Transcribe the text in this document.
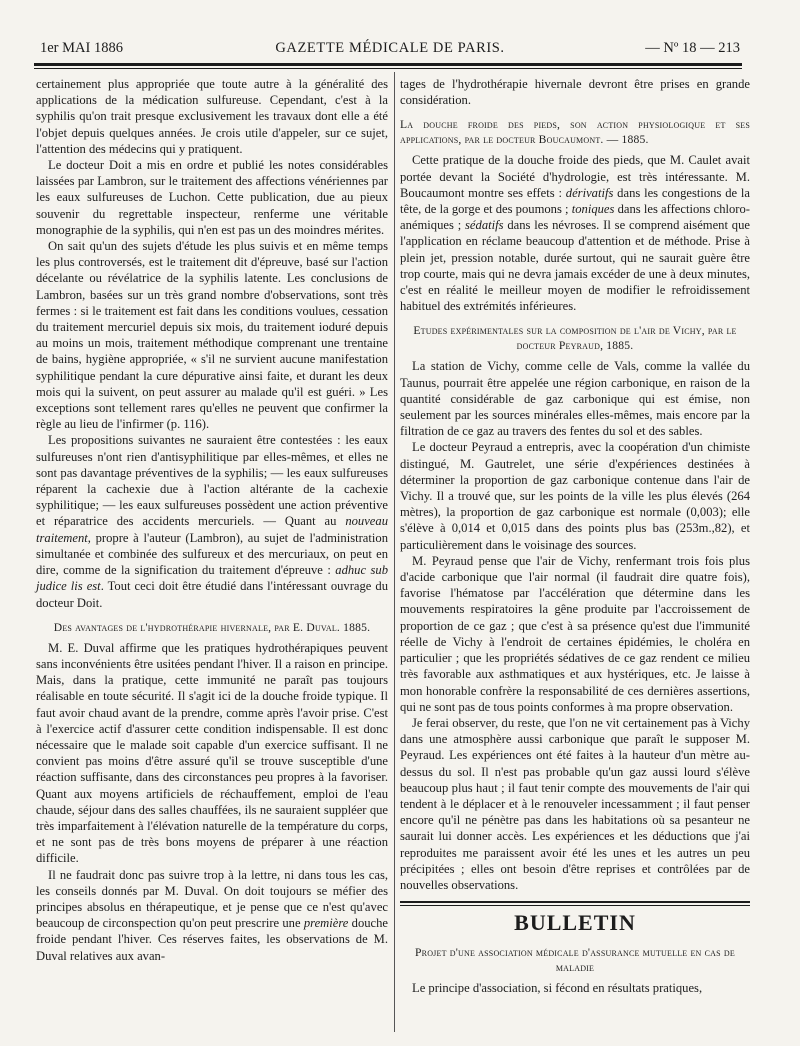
1er MAI 1886	GAZETTE MÉDICALE DE PARIS.	— Nº 18 — 213

certainement plus appropriée que toute autre à la généralité des applications de la médication sulfureuse. Cependant, c'est à la syphilis qu'on trait presque exclusivement les travaux dont elle a été l'objet depuis quelques années. Je crois utile d'appeler, sur ce sujet, l'attention des médecins qui y pratiquent.

Le docteur Doit a mis en ordre et publié les notes considérables laissées par Lambron, sur le traitement des affections vénériennes par les eaux sulfureuses de Luchon. Cette publication, due au pieux souvenir du regrettable inspecteur, renferme une véritable monographie de la syphilis, qui n'en est pas un des moindres mérites.

On sait qu'un des sujets d'étude les plus suivis et en même temps les plus controversés, est le traitement dit d'épreuve, basé sur l'action décelante ou révélatrice de la syphilis latente. Les conclusions de Lambron, basées sur un très grand nombre d'observations, sont très fermes : si le traitement est fait dans les conditions voulues, cessation du traitement mercuriel depuis six mois, du traitement ioduré depuis au moins un mois, traitement méthodique comprenant une trentaine de bains, hygiène appropriée, « s'il ne survient aucune manifestation syphilitique pendant la cure dépurative ainsi faite, et durant les deux mois qui la suivent, on peut assurer au malade qu'il est guéri. » Les exceptions sont tellement rares qu'elles ne peuvent que confirmer la règle au lieu de l'infirmer (p. 116).

Les propositions suivantes ne sauraient être contestées : les eaux sulfureuses n'ont rien d'antisyphilitique par elles-mêmes, et elles ne sont pas davantage préventives de la syphilis; — les eaux sulfureuses réparent la cachexie due à l'action altérante de la cachexie syphilitique; — les eaux sulfureuses possèdent une action préventive et réparatrice des accidents mercuriels. — Quant au nouveau traitement, propre à l'auteur (Lambron), au sujet de l'administration simultanée et combinée des sulfureux et des mercuriaux, on peut en dire, comme de la signification du traitement d'épreuve : adhuc sub judice lis est. Tout ceci doit être étudié dans l'intéressant ouvrage du docteur Doit.

Des avantages de l'hydrothérapie hivernale, par E. Duval. 1885.

M. E. Duval affirme que les pratiques hydrothérapiques peuvent sans inconvénients être usitées pendant l'hiver. Il a raison en principe. Mais, dans la pratique, cette immunité ne paraît pas toujours réalisable en toute sécurité. Il s'agit ici de la douche froide typique. Il faut avoir chaud avant de la prendre, comme après l'avoir prise. C'est à l'exercice actif d'assurer cette condition indispensable. Il est donc nécessaire que le malade soit capable d'un exercice suffisant. Il ne convient pas moins d'être assuré qu'il se trouve susceptible d'une réaction suffisante, dans des circonstances peu propres à la favoriser. Quant aux moyens artificiels de réchauffement, emploi de l'eau chaude, séjour dans des salles chauffées, ils ne sauraient suppléer que très imparfaitement à l'élévation naturelle de la température du corps, et ne sont pas de très bons moyens de préparer à une réaction difficile.

Il ne faudrait donc pas suivre trop à la lettre, ni dans tous les cas, les conseils donnés par M. Duval. On doit toujours se méfier des principes absolus en thérapeutique, et je pense que ce n'est qu'avec beaucoup de circonspection qu'on peut prescrire une première douche froide pendant l'hiver. Ces réserves faites, les observations de M. Duval relatives aux avan-

tages de l'hydrothérapie hivernale devront être prises en grande considération.

La douche froide des pieds, son action physiologique et ses applications, par le docteur Boucaumont. — 1885.

Cette pratique de la douche froide des pieds, que M. Caulet avait portée devant la Société d'hydrologie, est très intéressante. M. Boucaumont montre ses effets : dérivatifs dans les congestions de la tête, de la gorge et des poumons ; toniques dans les affections chloro-anémiques ; sédatifs dans les névroses. Il se comprend aisément que l'application en réclame beaucoup d'attention et de méthode. Prise à plein jet, pression notable, durée surtout, qui ne saurait guère être trop courte, mais qui ne devra jamais excéder de une à deux minutes, c'est en réalité le meilleur moyen de modifier le refroidissement habituel des extrémités inférieures.

Etudes expérimentales sur la composition de l'air de Vichy, par le docteur Peyraud, 1885.

La station de Vichy, comme celle de Vals, comme la vallée du Taunus, pourrait être appelée une région carbonique, en raison de la quantité considérable de gaz carbonique qui est émise, non seulement par les sources minérales elles-mêmes, mais encore par la filtration de ce gaz au travers des fentes du sol et des sables.

Le docteur Peyraud a entrepris, avec la coopération d'un chimiste distingué, M. Gautrelet, une série d'expériences destinées à déterminer la proportion de gaz carbonique contenue dans l'air de Vichy. Il a trouvé que, sur les points de la ville les plus élevés (264 mètres), la proportion de gaz carbonique est normale (0,003); elle s'élève à 0,014 et 0,015 dans des points plus bas (253m.,82), et particulièrement dans le voisinage des sources.

M. Peyraud pense que l'air de Vichy, renfermant trois fois plus d'acide carbonique que l'air normal (il faudrait dire quatre fois), favorise l'hématose par l'accélération que détermine dans les mouvements respiratoires la gêne produite par l'accroissement de proportion de ce gaz ; que c'est à sa présence qu'est due l'immunité réelle de Vichy à l'endroit de certaines épidémies, le choléra en particulier ; que les propriétés sédatives de ce gaz rendent ce milieu très favorable aux asthmatiques et aux hystériques, etc. Je laisse à mon honorable confrère la responsabilité de ces dernières assertions, qui ne sont pas de tous points conformes à ma propre observation.

Je ferai observer, du reste, que l'on ne vit certainement pas à Vichy dans une atmosphère aussi carbonique que paraît le supposer M. Peyraud. Les expériences ont été faites à la hauteur d'un mètre au-dessus du sol. Il n'est pas probable qu'un gaz aussi lourd s'élève beaucoup plus haut ; il faut tenir compte des mouvements de l'air qui tendent à le déplacer et à le renouveler incessamment ; il faut penser encore qu'il ne pénètre pas dans les habitations où sa pesanteur ne saurait lui donner accès. Les expériences et les déductions que j'ai reproduites me paraissent avoir été les unes et les autres un peu précipitées ; elles ont besoin d'être reprises et contrôlées par de nouvelles observations.

BULLETIN
Projet d'une association médicale d'assurance mutuelle en cas de maladie

Le principe d'association, si fécond en résultats pratiques,
